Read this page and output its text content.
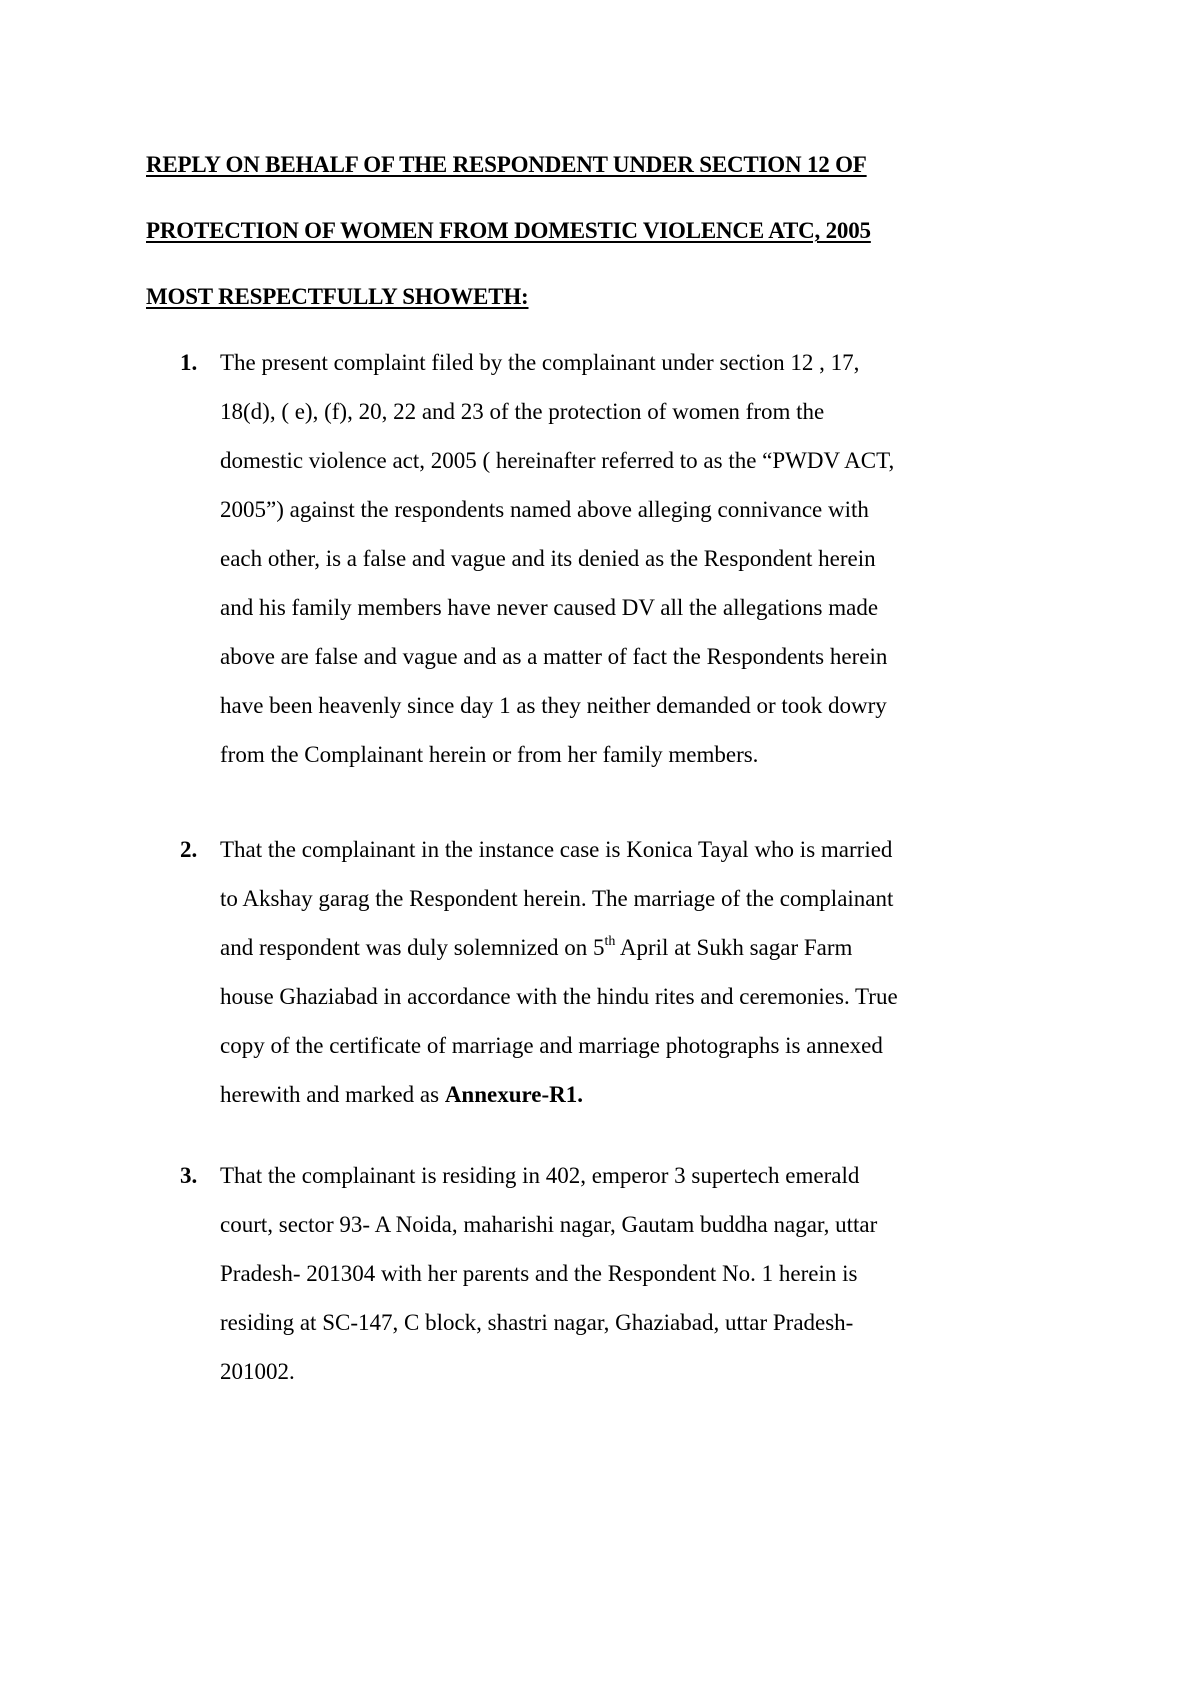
REPLY ON BEHALF OF THE RESPONDENT UNDER SECTION 12 OF
PROTECTION OF WOMEN FROM DOMESTIC VIOLENCE ATC, 2005
MOST RESPECTFULLY SHOWETH:
1. The present complaint filed by the complainant under section 12 , 17,
18(d), ( e), (f), 20, 22 and 23 of the protection of women from the
domestic violence act, 2005 ( hereinafter referred to as the “PWDV ACT,
2005”) against the respondents named above alleging connivance with
each other, is a false and vague and its denied as the Respondent herein
and his family members have never caused DV all the allegations made
above are false and vague and as a matter of fact the Respondents herein
have been heavenly since day 1 as they neither demanded or took dowry
from the Complainant herein or from her family members.
2. That the complainant in the instance case is Konica Tayal who is married
to Akshay garag the Respondent herein. The marriage of the complainant
and respondent was duly solemnized on 5th April at Sukh sagar Farm
house Ghaziabad in accordance with the hindu rites and ceremonies. True
copy of the certificate of marriage and marriage photographs is annexed
herewith and marked as Annexure-R1.
3. That the complainant is residing in 402, emperor 3 supertech emerald
court, sector 93- A Noida, maharishi nagar, Gautam buddha nagar, uttar
Pradesh- 201304 with her parents and the Respondent No. 1 herein is
residing at SC-147, C block, shastri nagar, Ghaziabad, uttar Pradesh-
201002.
